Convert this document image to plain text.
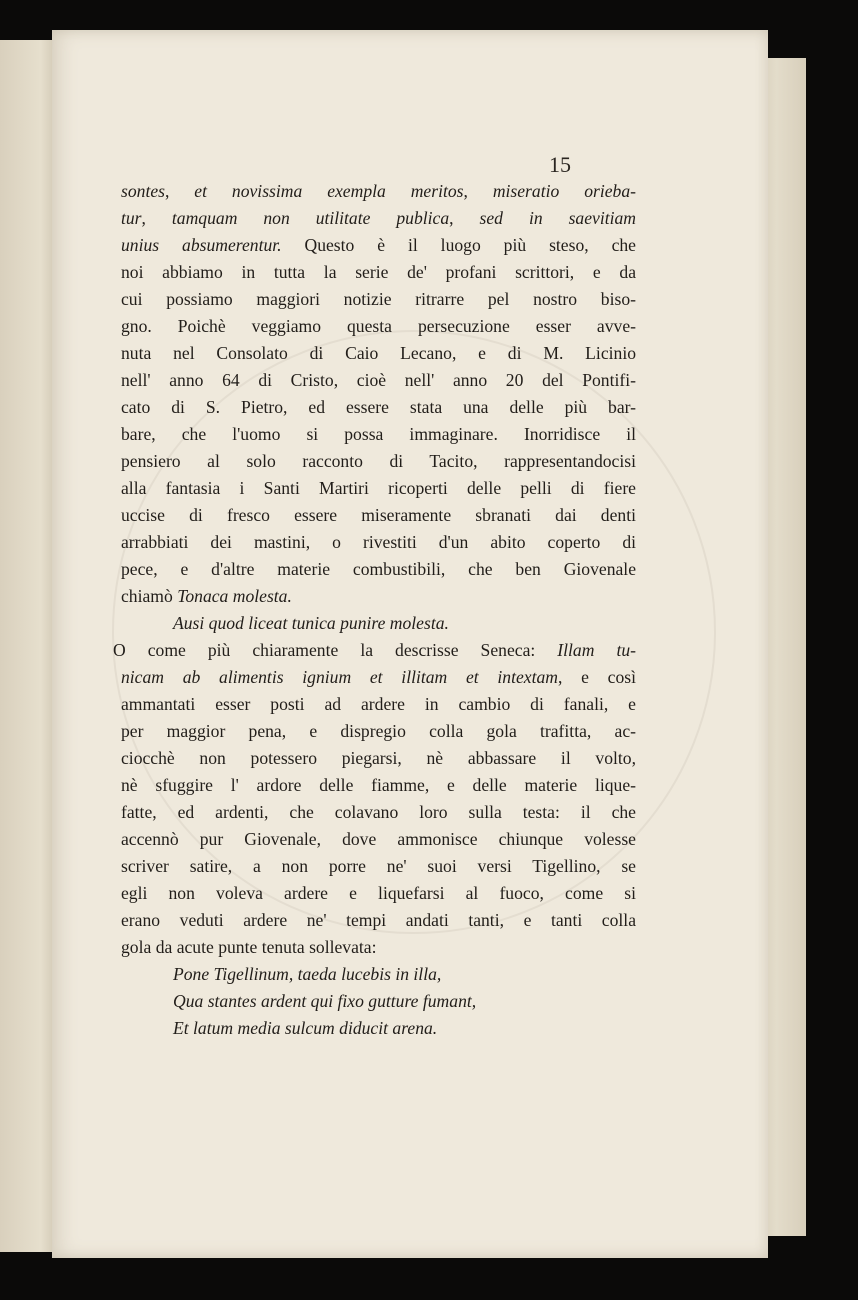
15
sontes, et novissima exempla meritos, miseratio orieba-
tur, tamquam non utilitate publica, sed in saevitiam
unius absumerentur. Questo è il luogo più steso, che
noi abbiamo in tutta la serie de' profani scrittori, e da
cui possiamo maggiori notizie ritrarre pel nostro biso-
gno. Poichè veggiamo questa persecuzione esser avve-
nuta nel Consolato di Caio Lecano, e di M. Licinio
nell' anno 64 di Cristo, cioè nell' anno 20 del Pontifi-
cato di S. Pietro, ed essere stata una delle più bar-
bare, che l'uomo si possa immaginare. Inorridisce il
pensiero al solo racconto di Tacito, rappresentandocisi
alla fantasia i Santi Martiri ricoperti delle pelli di fiere
uccise di fresco essere miseramente sbranati dai denti
arrabbiati dei mastini, o rivestiti d'un abito coperto di
pece, e d'altre materie combustibili, che ben Giovenale
chiamò Tonaca molesta.
Ausi quod liceat tunica punire molesta.
O come più chiaramente la descrisse Seneca: Illam tu-
nicam ab alimentis ignium et illitam et intextam, e così
ammantati esser posti ad ardere in cambio di fanali, e
per maggior pena, e dispregio colla gola trafitta, ac-
ciocchè non potessero piegarsi, nè abbassare il volto,
nè sfuggire l' ardore delle fiamme, e delle materie lique-
fatte, ed ardenti, che colavano loro sulla testa: il che
accennò pur Giovenale, dove ammonisce chiunque volesse
scriver satire, a non porre ne' suoi versi Tigellino, se
egli non voleva ardere e liquefarsi al fuoco, come si
erano veduti ardere ne' tempi andati tanti, e tanti colla
gola da acute punte tenuta sollevata:
Pone Tigellinum, taeda lucebis in illa,
Qua stantes ardent qui fixo gutture fumant,
Et latum media sulcum diducit arena.
